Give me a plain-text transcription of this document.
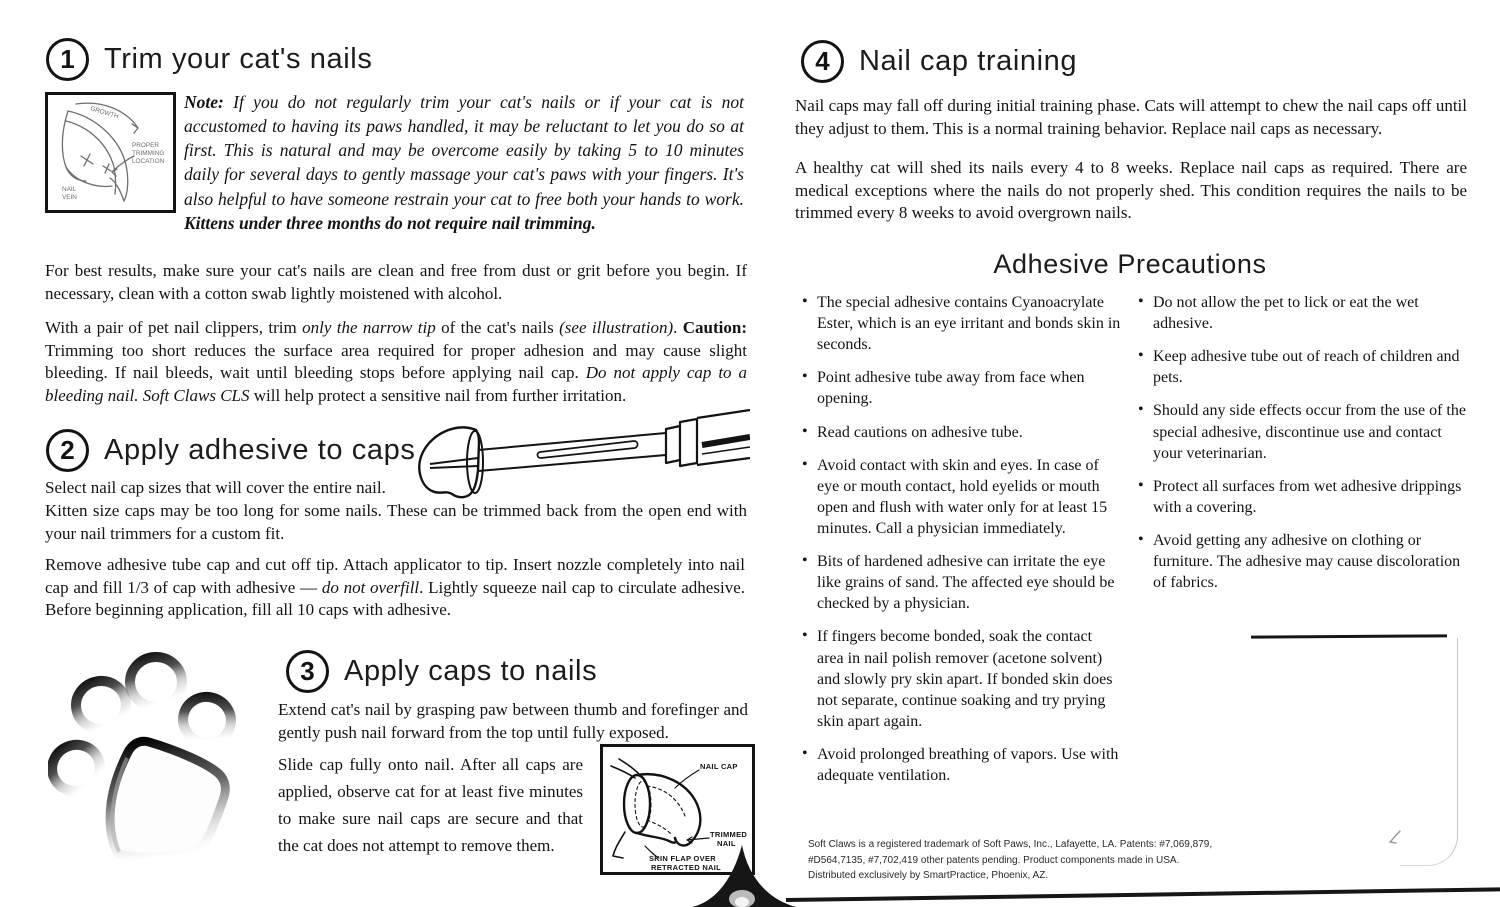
1	Trim your cat's nails
GROWTH
PROPER
TRIMMING
LOCATION
NAIL
VEIN
Note: If you do not regularly trim your cat's nails or if your cat is not accustomed to having its paws handled, it may be reluctant to let you do so at first. This is natural and may be overcome easily by taking 5 to 10 minutes daily for several days to gently massage your cat's paws with your fingers. It's also helpful to have someone restrain your cat to free both your hands to work. Kittens under three months do not require nail trimming.
For best results, make sure your cat's nails are clean and free from dust or grit before you begin. If necessary, clean with a cotton swab lightly moistened with alcohol.
With a pair of pet nail clippers, trim only the narrow tip of the cat's nails (see illustration). Caution: Trimming too short reduces the surface area required for proper adhesion and may cause slight bleeding. If nail bleeds, wait until bleeding stops before applying nail cap. Do not apply cap to a bleeding nail. Soft Claws CLS will help protect a sensitive nail from further irritation.
2	Apply adhesive to caps
Select nail cap sizes that will cover the entire nail.
Kitten size caps may be too long for some nails. These can be trimmed back from the open end with your nail trimmers for a custom fit.
Remove adhesive tube cap and cut off tip. Attach applicator to tip. Insert nozzle completely into nail cap and fill 1/3 of cap with adhesive — do not overfill. Lightly squeeze nail cap to circulate adhesive. Before beginning application, fill all 10 caps with adhesive.
3	Apply caps to nails
Extend cat's nail by grasping paw between thumb and forefinger and gently push nail forward from the top until fully exposed.
Slide cap fully onto nail. After all caps are applied, observe cat for at least five minutes to make sure nail caps are secure and that the cat does not attempt to remove them.
NAIL CAP
TRIMMED
NAIL
SKIN FLAP OVER
RETRACTED NAIL
4	Nail cap training
Nail caps may fall off during initial training phase. Cats will attempt to chew the nail caps off until they adjust to them. This is a normal training behavior. Replace nail caps as necessary.
A healthy cat will shed its nails every 4 to 8 weeks. Replace nail caps as required. There are medical exceptions where the nails do not properly shed. This condition requires the nails to be trimmed every 8 weeks to avoid overgrown nails.
Adhesive Precautions
• The special adhesive contains Cyanoacrylate Ester, which is an eye irritant and bonds skin in seconds.
• Point adhesive tube away from face when opening.
• Read cautions on adhesive tube.
• Avoid contact with skin and eyes. In case of eye or mouth contact, hold eyelids or mouth open and flush with water only for at least 15 minutes. Call a physician immediately.
• Bits of hardened adhesive can irritate the eye like grains of sand. The affected eye should be checked by a physician.
• If fingers become bonded, soak the contact area in nail polish remover (acetone solvent) and slowly pry skin apart. If bonded skin does not separate, continue soaking and try prying skin apart again.
• Avoid prolonged breathing of vapors. Use with adequate ventilation.
• Do not allow the pet to lick or eat the wet adhesive.
• Keep adhesive tube out of reach of children and pets.
• Should any side effects occur from the use of the special adhesive, discontinue use and contact your veterinarian.
• Protect all surfaces from wet adhesive drippings with a covering.
• Avoid getting any adhesive on clothing or furniture. The adhesive may cause discoloration of fabrics.
Soft Claws is a registered trademark of Soft Paws, Inc., Lafayette, LA. Patents: #7,069,879, #D564,7135, #7,702,419 other patents pending. Product components made in USA. Distributed exclusively by SmartPractice, Phoenix, AZ.
